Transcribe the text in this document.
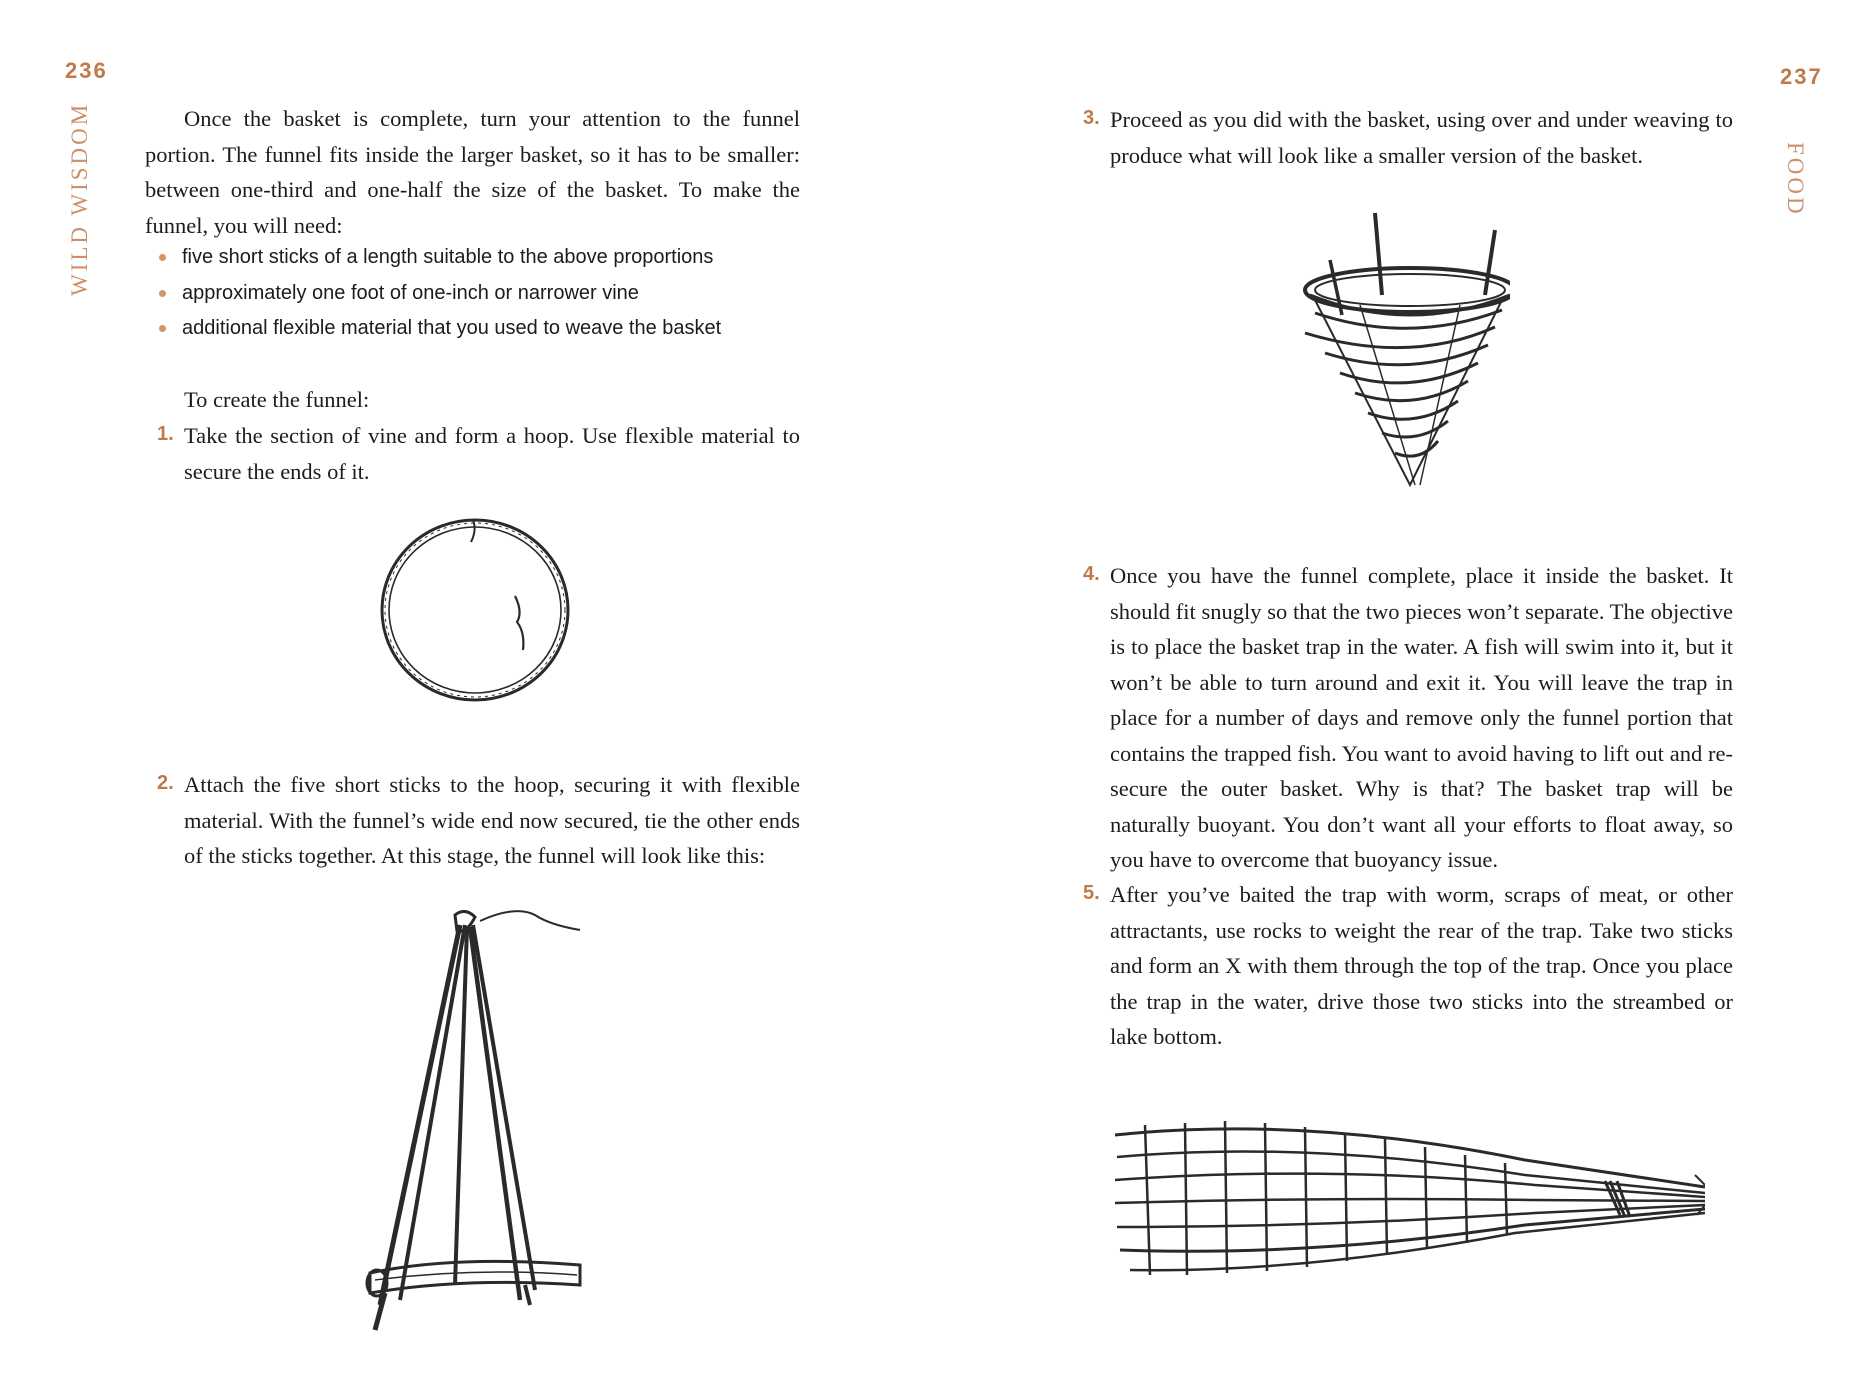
236
WILD WISDOM	Once the basket is complete, turn your attention to the funnel portion. The funnel fits inside the larger basket, so it has to be smaller: between one-third and one-half the size of the basket. To make the funnel, you will need:

five short sticks of a length suitable to the above proportions
approximately one foot of one-inch or narrower vine
additional flexible material that you used to weave the basket
To create the funnel:
1. Take the section of vine and form a hoop. Use flexible material to secure the ends of it.
2. Attach the five short sticks to the hoop, securing it with flexible material. With the funnel’s wide end now secured, tie the other ends of the sticks together. At this stage, the funnel will look like this:
237
FOOD
3. Proceed as you did with the basket, using over and under weaving to produce what will look like a smaller version of the basket.
4. Once you have the funnel complete, place it inside the basket. It should fit snugly so that the two pieces won’t separate. The objective is to place the basket trap in the water. A fish will swim into it, but it won’t be able to turn around and exit it. You will leave the trap in place for a number of days and remove only the funnel portion that contains the trapped fish. You want to avoid having to lift out and re-secure the outer basket. Why is that? The basket trap will be naturally buoyant. You don’t want all your efforts to float away, so you have to overcome that buoyancy issue.
5. After you’ve baited the trap with worm, scraps of meat, or other attractants, use rocks to weight the rear of the trap. Take two sticks and form an X with them through the top of the trap. Once you place the trap in the water, drive those two sticks into the streambed or lake bottom.
